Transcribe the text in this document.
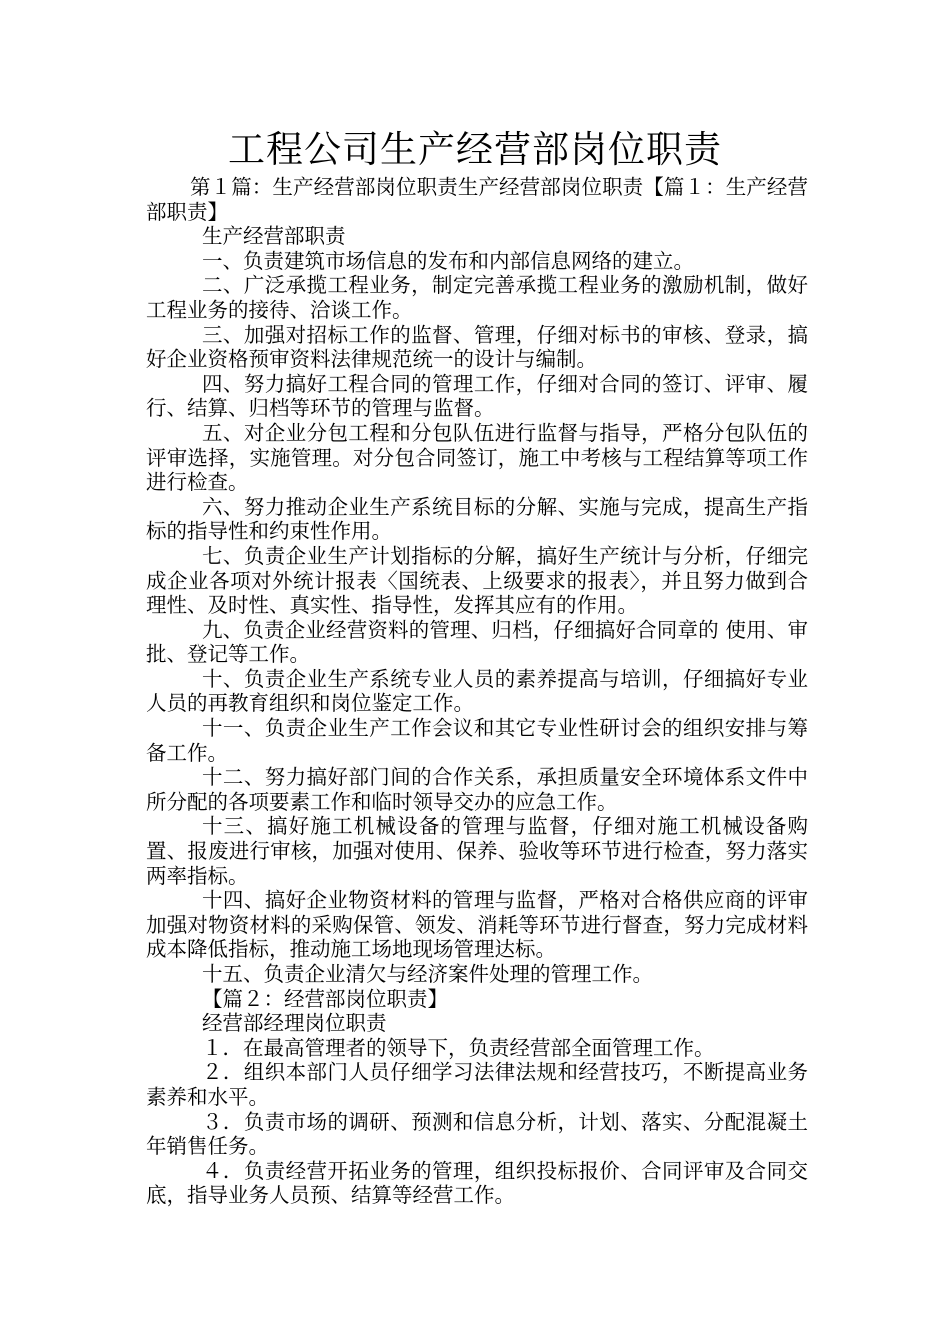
工程公司生产经营部岗位职责

第１篇：生产经营部岗位职责生产经营部岗位职责【篇１：生产经营部职责】

生产经营部职责

一、负责建筑市场信息的发布和内部信息网络的建立。

二、广泛承揽工程业务，制定完善承揽工程业务的激励机制，做好工程业务的接待、洽谈工作。

三、加强对招标工作的监督、管理，仔细对标书的审核、登录，搞好企业资格预审资料法律规范统一的设计与编制。

四、努力搞好工程合同的管理工作，仔细对合同的签订、评审、履行、结算、归档等环节的管理与监督。

五、对企业分包工程和分包队伍进行监督与指导，严格分包队伍的评审选择，实施管理。对分包合同签订，施工中考核与工程结算等项工作进行检查。

六、努力推动企业生产系统目标的分解、实施与完成，提高生产指标的指导性和约束性作用。

七、负责企业生产计划指标的分解，搞好生产统计与分析，仔细完成企业各项对外统计报表〈国统表、上级要求的报表〉，并且努力做到合理性、及时性、真实性、指导性，发挥其应有的作用。

九、负责企业经营资料的管理、归档，仔细搞好合同章的 使用、审批、登记等工作。

十、负责企业生产系统专业人员的素养提高与培训，仔细搞好专业人员的再教育组织和岗位鉴定工作。

十一、负责企业生产工作会议和其它专业性研讨会的组织安排与筹备工作。

十二、努力搞好部门间的合作关系，承担质量安全环境体系文件中所分配的各项要素工作和临时领导交办的应急工作。

十三、搞好施工机械设备的管理与监督，仔细对施工机械设备购置、报废进行审核，加强对使用、保养、验收等环节进行检查，努力落实两率指标。

十四、搞好企业物资材料的管理与监督，严格对合格供应商的评审加强对物资材料的采购保管、领发、消耗等环节进行督查，努力完成材料成本降低指标，推动施工场地现场管理达标。

十五、负责企业清欠与经济案件处理的管理工作。

【篇２：经营部岗位职责】

经营部经理岗位职责

１．在最高管理者的领导下，负责经营部全面管理工作。

２．组织本部门人员仔细学习法律法规和经营技巧，不断提高业务素养和水平。

３．负责市场的调研、预测和信息分析，计划、落实、分配混凝土年销售任务。

４．负责经营开拓业务的管理，组织投标报价、合同评审及合同交底，指导业务人员预、结算等经营工作。
